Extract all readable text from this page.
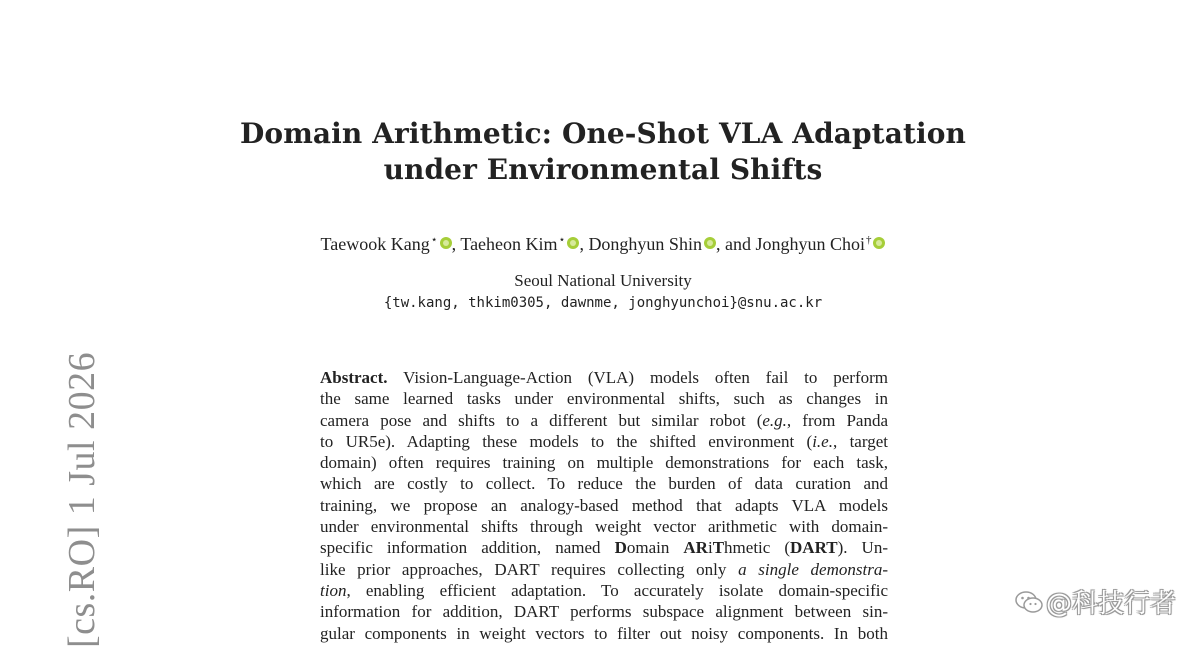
Domain Arithmetic: One-Shot VLA Adaptation
under Environmental Shifts
Taewook Kang⋆ , Taeheon Kim⋆ , Donghyun Shin , and Jonghyun Choi†
Seoul National University
{tw.kang, thkim0305, dawnme, jonghyunchoi}@snu.ac.kr
Abstract. Vision-Language-Action (VLA) models often fail to perform
the same learned tasks under environmental shifts, such as changes in
camera pose and shifts to a different but similar robot (e.g., from Panda
to UR5e). Adapting these models to the shifted environment (i.e., target
domain) often requires training on multiple demonstrations for each task,
which are costly to collect. To reduce the burden of data curation and
training, we propose an analogy-based method that adapts VLA models
under environmental shifts through weight vector arithmetic with domain-
specific information addition, named Domain ARiThmetic (DART). Un-
like prior approaches, DART requires collecting only a single demonstra-
tion, enabling efficient adaptation. To accurately isolate domain-specific
information for addition, DART performs subspace alignment between sin-
gular components in weight vectors to filter out noisy components. In both
[cs.RO] 1 Jul 2026	@科技行者
